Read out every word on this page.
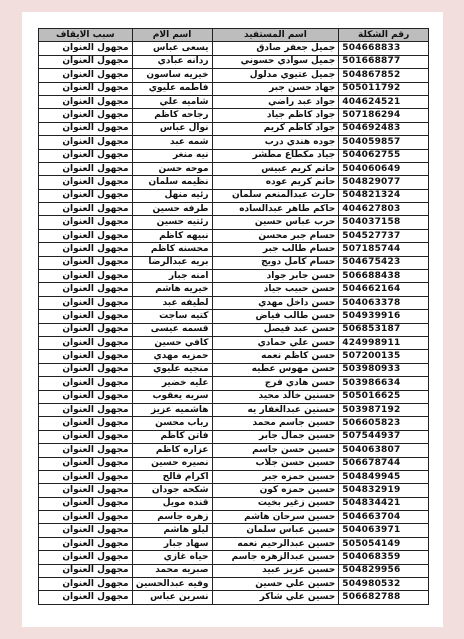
سبب الايقاف	اسم الام	اسم المستفيد	رقم الشكلة
مجهول العنوان	يسعى عباس	جميل جعفر صادق	504668833
مجهول العنوان	ردانه عبادي	جميل سوادي حسوني	501668877
مجهول العنوان	خيريه ساسون	جميل عتيوي مدلول	504867852
مجهول العنوان	فاطمه عليوي	جهاد حسن جبر	505011792
مجهول العنوان	شاميه علي	جواد عبد راضي	404624521
مجهول العنوان	رجاحه كاظم	جواد كاظم جياد	507186294
مجهول العنوان	نوال عباس	جواد كاظم كريم	504692483
مجهول العنوان	شمه عبد	جوده هندي درب	504059857
مجهول العنوان	نيه منغر	جياد مكطاع مطشر	504062755
مجهول العنوان	موحه حسن	حاتم كريم عبيس	504060649
مجهول العنوان	نظيمه سلمان	حاتم كريم عوده	504829077
مجهول العنوان	رئيه منهل	حارث عبدالمنعم سلمان	504821324
مجهول العنوان	طرفه حسين	حاكم طاهر عبدالساده	404627803
مجهول العنوان	رئتيه حسين	حرب عباس حسين	504037158
مجهول العنوان	نبيهه كاظم	حسام جبر محسن	504527737
مجهول العنوان	محسنه كاظم	حسام طالب جبر	507185744
مجهول العنوان	بريه عبدالرضا	حسام كامل دويج	504675423
مجهول العنوان	امنه جبار	حسن جابر جواد	506688438
مجهول العنوان	خيريه هاشم	حسن حبيب جياد	504662164
مجهول العنوان	لطيفه عبد	حسن داخل مهدي	504063378
مجهول العنوان	كتيه ساجت	حسن طالب فياض	504939916
مجهول العنوان	قسمه عيسى	حسن عبد فيصل	506853187
مجهول العنوان	كافي حسين	حسن علي حمادي	424998911
مجهول العنوان	حمزيه مهدي	حسن كاظم نعمه	507200135
مجهول العنوان	منجيه عليوي	حسن مهوس عطيه	503980933
مجهول العنوان	عليه خضير	حسن هادي فرج	503986634
مجهول العنوان	سريه يعقوب	حسنين خالد محيد	505016625
مجهول العنوان	هاشميه عزيز	حسنين عبدالغفار يه	503987192
مجهول العنوان	رباب محسن	حسين جاسم محمد	506605823
مجهول العنوان	فاتن كاظم	حسين جمال جابر	507544937
مجهول العنوان	عزاره كاظم	حسين حسن جاسم	504063807
مجهول العنوان	نصيره حسين	حسين حسن جلاب	506678744
مجهول العنوان	اكرام فالح	حسين حمزه جبر	504849945
مجهول العنوان	شكحه جودان	حسين حمزه كون	504832919
مجهول العنوان	قنده مويل	حسين زغير بخيت	504834421
مجهول العنوان	زهره جاسم	حسين سرحان هاشم	504663704
مجهول العنوان	ليلو هاشم	حسين عباس سلمان	504063971
مجهول العنوان	سهاد جبار	حسين عبدالرحيم نعمه	505054149
مجهول العنوان	حياه غازي	حسين عبدالزهره جاسم	504068359
مجهول العنوان	صبريه محمد	حسين عزيز عبيد	504829956
مجهول العنوان	وفيه عبدالحسين	حسين علي حسين	504980532
مجهول العنوان	نسرين عباس	حسين علي شاكر	506682788
